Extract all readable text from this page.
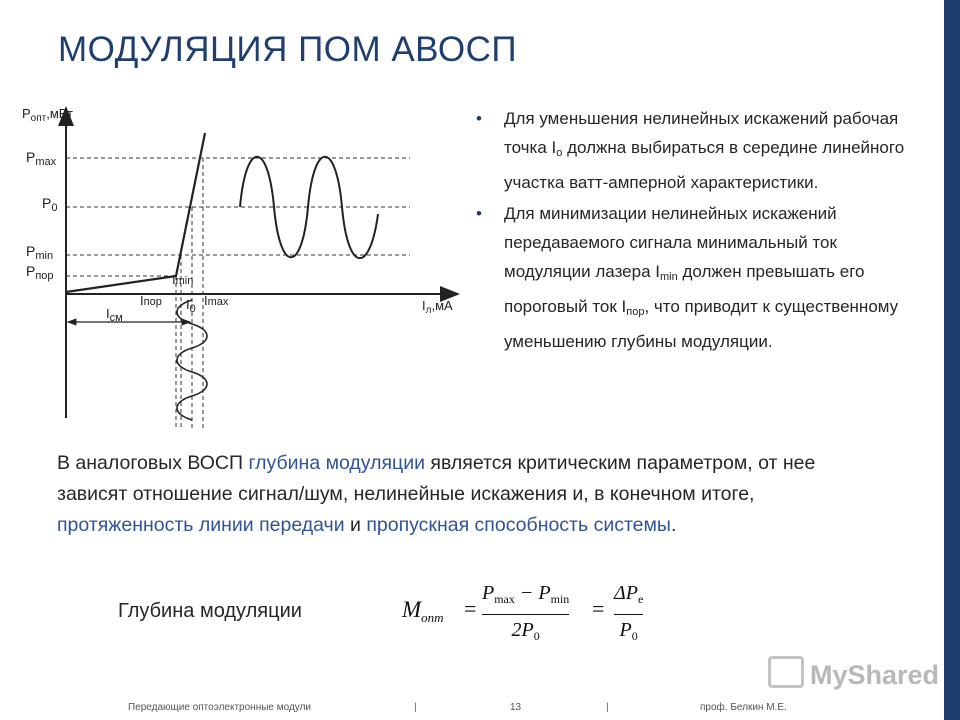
МОДУЛЯЦИЯ ПОМ АВОСП
$P_{опт},мВт$
$I_л,мА$
$P_{max}$
$P_0$
$P_{min}$
$P_{пор}$	Imin
Iпор $I_0$
Imax
$I_{см}$
• Для уменьшения нелинейных искажений рабочая точка $I_o$ должна выбираться в середине линейного участка ватт-амперной характеристики.
• Для минимизации нелинейных искажений передаваемого сигнала минимальный ток модуляции лазера $I_{min}$ должен превышать его пороговый ток $I_{пор}$, что приводит к существенному уменьшению глубины модуляции.

В аналоговых ВОСП глубина модуляции является критическим параметром, от нее зависят отношение сигнал/шум, нелинейные искажения и, в конечном итоге, протяженность линии передачи и пропускная способность системы.

Глубина модуляции	$M_{опт}$ =
$P_{max} - P_{min}$
$2P_0$
=
$\Delta P_e$
$P_0$
MyShared
Передающие оптоэлектронные модули	|	13	|	проф. Белкин М.Е.
